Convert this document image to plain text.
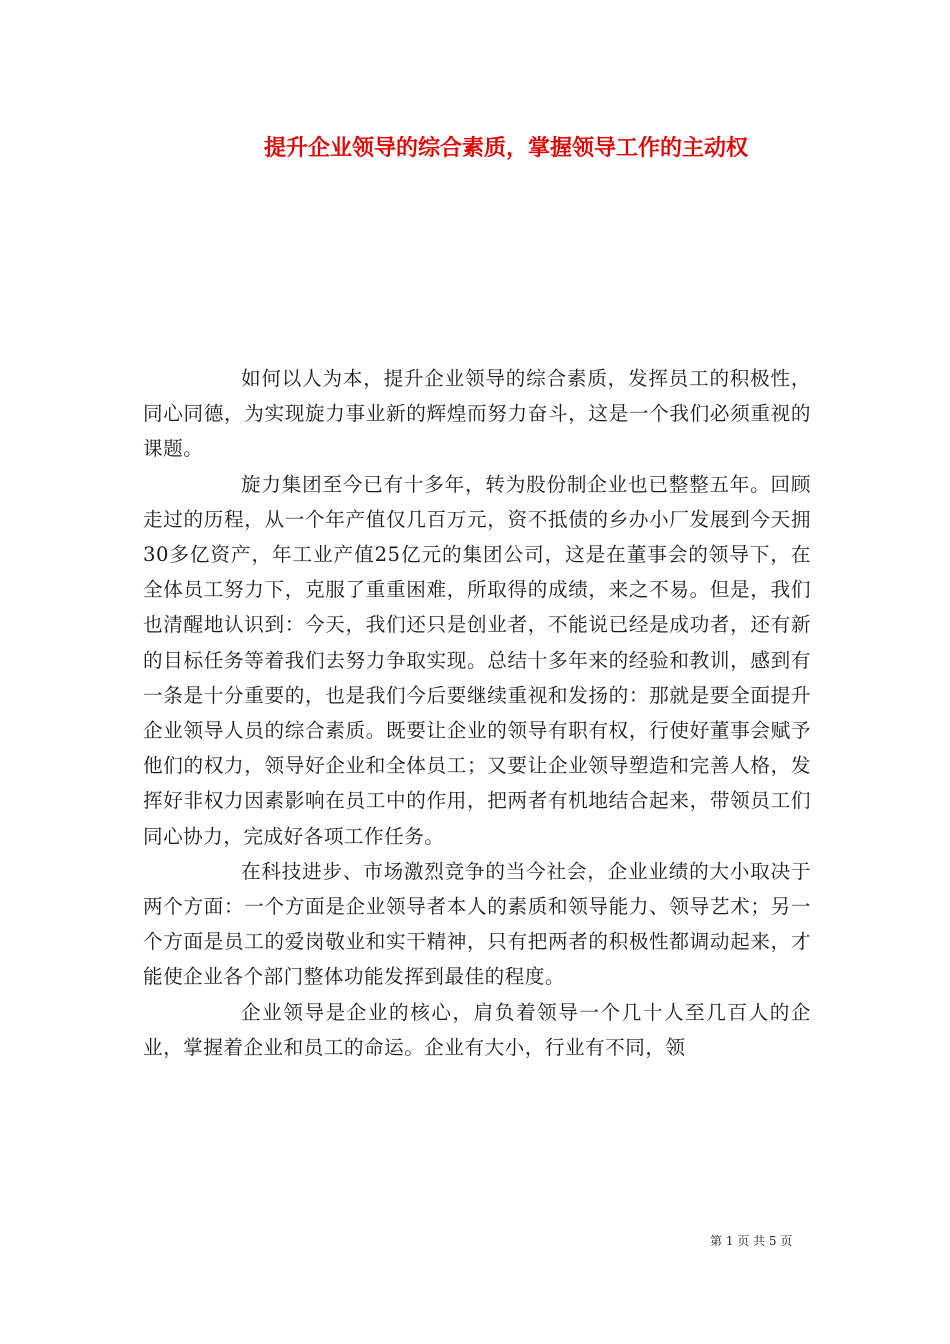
提升企业领导的综合素质，掌握领导工作的主动权

如何以人为本，提升企业领导的综合素质，发挥员工的积极性，同心同德，为实现旋力事业新的辉煌而努力奋斗，这是一个我们必须重视的课题。

旋力集团至今已有十多年，转为股份制企业也已整整五年。回顾走过的历程，从一个年产值仅几百万元，资不抵债的乡办小厂发展到今天拥30多亿资产，年工业产值25亿元的集团公司，这是在董事会的领导下，在全体员工努力下，克服了重重困难，所取得的成绩，来之不易。但是，我们也清醒地认识到：今天，我们还只是创业者，不能说已经是成功者，还有新的目标任务等着我们去努力争取实现。总结十多年来的经验和教训，感到有一条是十分重要的，也是我们今后要继续重视和发扬的：那就是要全面提升企业领导人员的综合素质。既要让企业的领导有职有权，行使好董事会赋予他们的权力，领导好企业和全体员工；又要让企业领导塑造和完善人格，发挥好非权力因素影响在员工中的作用，把两者有机地结合起来，带领员工们同心协力，完成好各项工作任务。

在科技进步、市场激烈竞争的当今社会，企业业绩的大小取决于两个方面：一个方面是企业领导者本人的素质和领导能力、领导艺术；另一个方面是员工的爱岗敬业和实干精神，只有把两者的积极性都调动起来，才能使企业各个部门整体功能发挥到最佳的程度。

企业领导是企业的核心，肩负着领导一个几十人至几百人的企业，掌握着企业和员工的命运。企业有大小，行业有不同，领

第 1 页 共 5 页
